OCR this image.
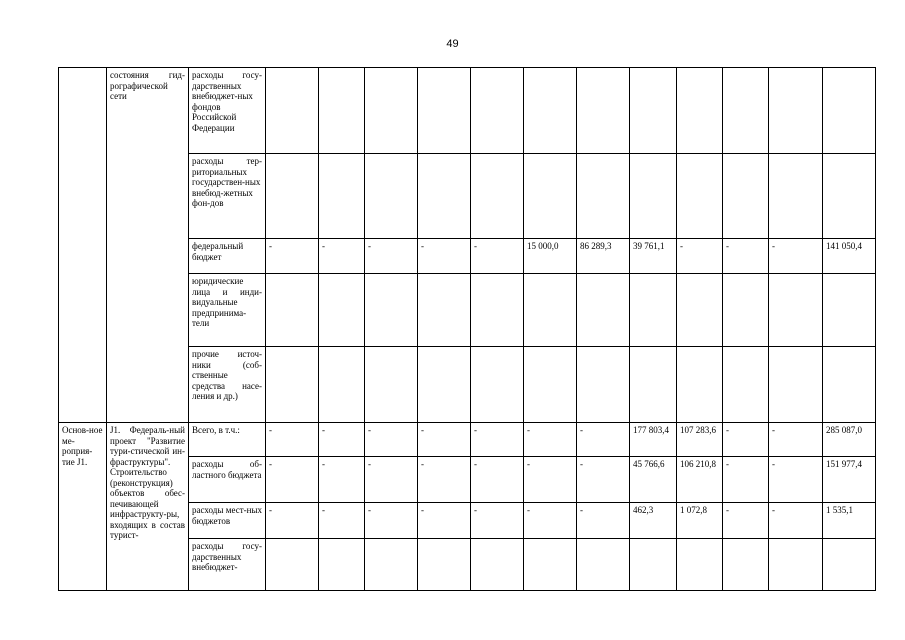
49
	состояния гид-рографической сети	расходы госу-дарственных внебюджет-ных фондов Российской Федерации												
		расходы тер-риториальных государствен-ных внебюд-жетных фон-дов												
		федеральный бюджет	-	-	-	-	-	15 000,0	86 289,3	39 761,1	-	-	-	141 050,4
		юридические лица и инди-видуальные предпринима-тели												
		прочие источ-ники (соб-ственные средства насе-ления и др.)												
Основ-ное ме-роприя-тие J1.	J1. Федераль-ный проект "Развитие тури-стической ин-фраструктуры". Строительство (реконструкция) объектов обес-печивающей инфраструкту-ры, входящих в состав турист-	Всего, в т.ч.:	-	-	-	-	-	-	-	177 803,4	107 283,6	-	-	285 087,0
		расходы об-ластного бюджета	-	-	-	-	-	-	-	45 766,6	106 210,8	-	-	151 977,4
		расходы мест-ных бюджетов	-	-	-	-	-	-	-	462,3	1 072,8	-	-	1 535,1
		расходы госу-дарственных внебюджет-												
